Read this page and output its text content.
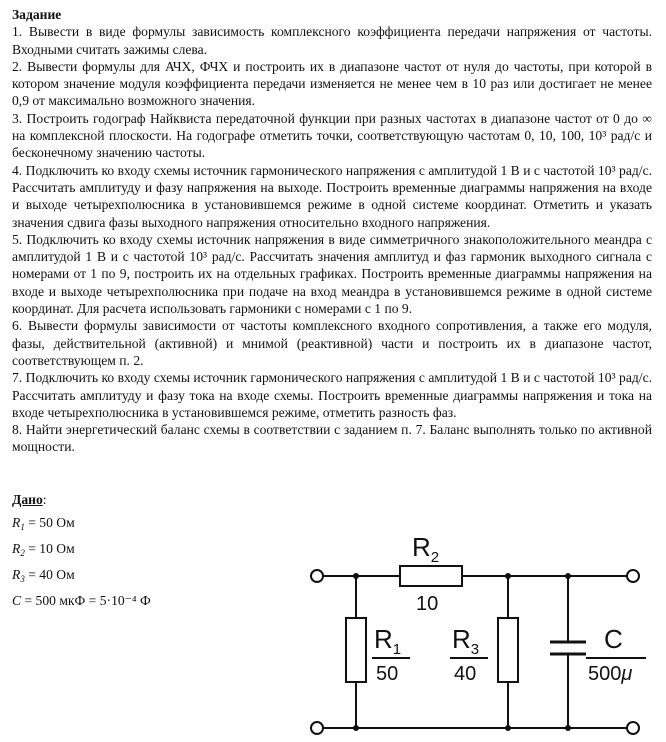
Задание

1. Вывести в виде формулы зависимость комплексного коэффициента передачи напряжения от частоты. Входными считать зажимы слева.

2. Вывести формулы для АЧХ, ФЧХ и построить их в диапазоне частот от нуля до частоты, при которой в котором значение модуля коэффициента передачи изменяется не менее чем в 10 раз или достигает не менее 0,9 от максимально возможного значения.

3. Построить годограф Найквиста передаточной функции при разных частотах в диапазоне частот от 0 до ∞ на комплексной плоскости. На годографе отметить точки, соответствующую частотам 0, 10, 100, 10³ рад/с и бесконечному значению частоты.

4. Подключить ко входу схемы источник гармонического напряжения с амплитудой 1 В и с частотой 10³ рад/с. Рассчитать амплитуду и фазу напряжения на выходе. Построить временные диаграммы напряжения на входе и выходе четырехполюсника в установившемся режиме в одной системе координат. Отметить и указать значения сдвига фазы выходного напряжения относительно входного напряжения.

5. Подключить ко входу схемы источник напряжения в виде симметричного знакоположительного меандра с амплитудой 1 В и с частотой 10³ рад/с. Рассчитать значения амплитуд и фаз гармоник выходного сигнала с номерами от 1 по 9, построить их на отдельных графиках. Построить временные диаграммы напряжения на входе и выходе четырехполюсника при подаче на вход меандра в установившемся режиме в одной системе координат. Для расчета использовать гармоники с номерами с 1 по 9.

6. Вывести формулы зависимости от частоты комплексного входного сопротивления, а также его модуля, фазы, действительной (активной) и мнимой (реактивной) части и построить их в диапазоне частот, соответствующем п. 2.

7. Подключить ко входу схемы источник гармонического напряжения с амплитудой 1 В и с частотой 10³ рад/с. Рассчитать амплитуду и фазу тока на входе схемы. Построить временные диаграммы напряжения и тока на входе четырехполюсника в установившемся режиме, отметить разность фаз.

8. Найти энергетический баланс схемы в соответствии с заданием п. 7. Баланс выполнять только по активной мощности.

Дано:
$R_1 = 50$ Ом
$R_2 = 10$ Ом
$R_3 = 40$ Ом
C = 500 мкФ = 5·10⁻⁴ Ф
$R_2$
10
$R_1$
50
$R_3$
40
C
500μ
